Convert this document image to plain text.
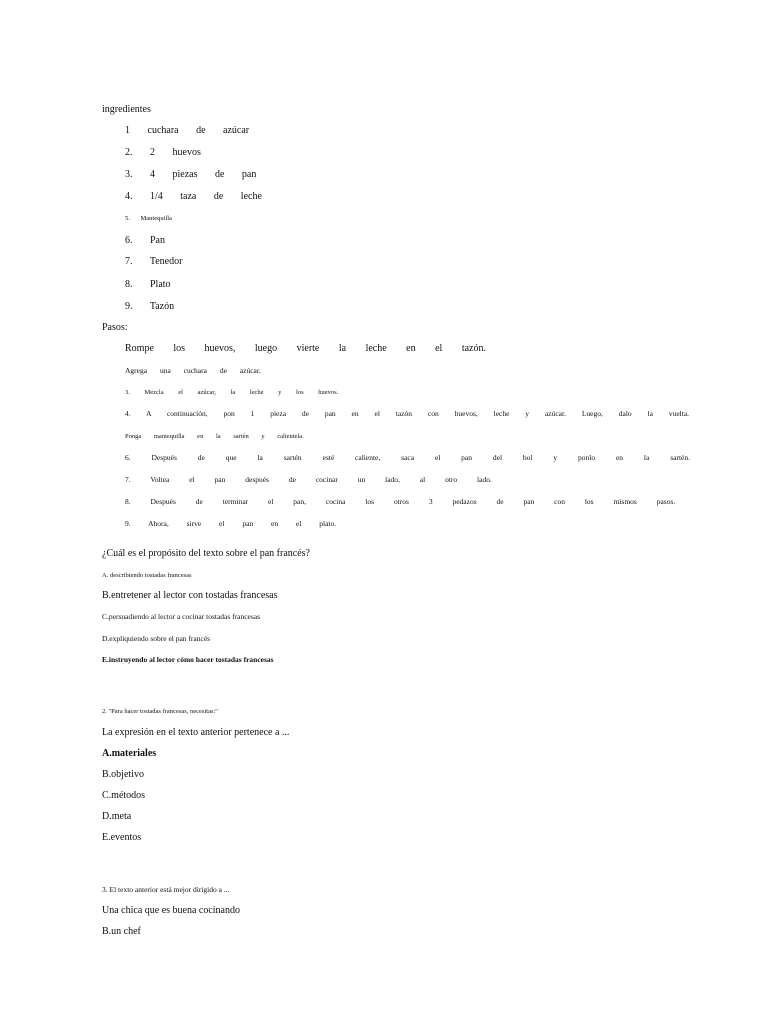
ingredientes
1 cuchara de azúcar
2. 2 huevos
3. 4 piezas de pan
4. 1/4 taza de leche
5. Mantequilla
6. Pan
7. Tenedor
8. Plato
9. Tazón
Pasos:
Rompe los huevos, luego vierte la leche en el tazón.
Agrega una cuchara de azúcar.
3. Mezcla el azúcar, la leche y los huevos.
4. A continuación, pon 1 pieza de pan en el tazón con huevos, leche y azúcar. Luego, dalo la vuelta.
Ponga mantequilla en la sartén y calientela.
6. Después de que la sartén esté caliente, saca el pan del bol y ponlo en la sartén.
7. Voltea el pan después de cocinar un lado, al otro lado.
8. Después de terminar el pan, cocina los otros 3 pedazos de pan con los mismos pasos.
9. Ahora, sirve el pan en el plato.
¿Cuál es el propósito del texto sobre el pan francés?
A. describiendo tostadas francesas
B.entretener al lector con tostadas francesas
C.persuadiendo al lector a cocinar tostadas francesas
D.expliquiendo sobre el pan francés
E.instruyendo al lector cómo hacer tostadas francesas
2. "Para hacer tostadas francesas, necesitas:"
La expresión en el texto anterior pertenece a ...
A.materiales
B.objetivo
C.métodos
D.meta
E.eventos
3. El texto anterior está mejor dirigido a ...
Una chica que es buena cocinando
B.un chef
